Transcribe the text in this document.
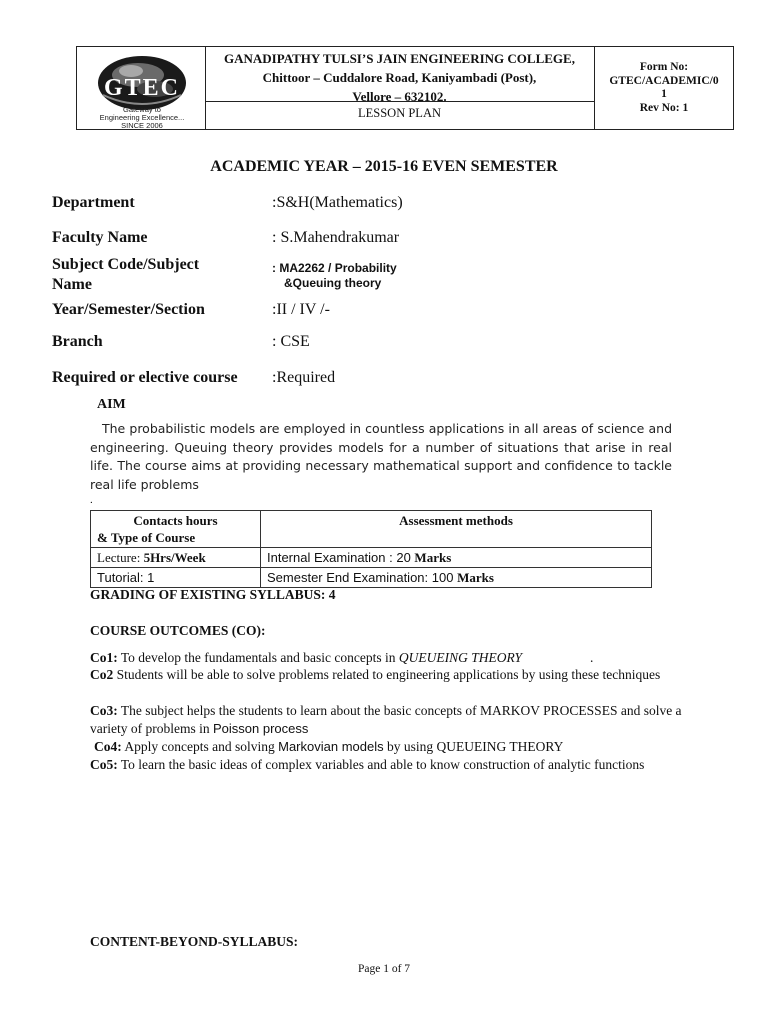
GTEC
Gateway to
Engineering Excellence...
SINCE 2006
GANADIPATHY TULSI’S JAIN ENGINEERING COLLEGE,
Chittoor – Cuddalore Road, Kaniyambadi (Post),
Vellore – 632102.
LESSON PLAN
Form No:
GTEC/ACADEMIC/0
1
Rev No: 1
ACADEMIC YEAR – 2015-16 EVEN SEMESTER
Department	:S&H(Mathematics)
Faculty Name	: S.Mahendrakumar
Subject Code/Subject
Name
: MA2262 / Probability
&Queuing theory
Year/Semester/Section	:II / IV /-
Branch	: CSE
Required or elective course :Required
AIM
The probabilistic models are employed in countless applications in all areas of science and engineering. Queuing theory provides models for a number of situations that arise in real life. The course aims at providing necessary mathematical support and confidence to tackle real life problems
.
Contacts hours
& Type of Course	Assessment methods
Lecture: 5Hrs/Week	Internal Examination : 20 Marks
Tutorial: 1	Semester End Examination: 100 Marks
GRADING OF EXISTING SYLLABUS: 4
COURSE OUTCOMES (CO):
Co1: To develop the fundamentals and basic concepts in QUEUEING THEORY	.
Co2 Students will be able to solve problems related to engineering applications by using these techniques
Co3: The subject helps the students to learn about the basic concepts of MARKOV PROCESSES and solve a variety of problems in Poisson process
Co4: Apply concepts and solving Markovian models by using QUEUEING THEORY
Co5: To learn the basic ideas of complex variables and able to know construction of analytic functions
CONTENT-BEYOND-SYLLABUS:
Page 1 of 7
